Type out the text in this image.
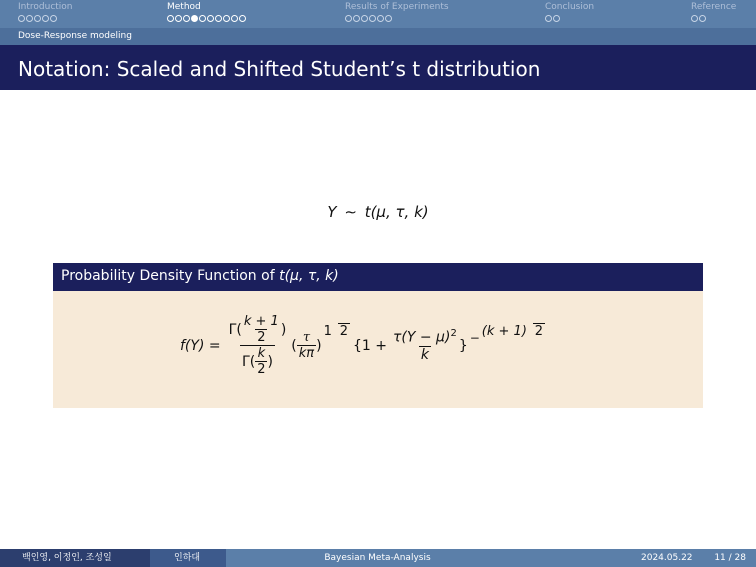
Introduction	Method	Results of Experiments	Conclusion	Reference
Dose-Response modeling
Notation: Scaled and Shifted Student’s t distribution
Y ∼ t(μ, τ, k)
Probability Density Function of t(μ, τ, k)
f(Y) =
$\Gamma( \frac{k + 1}{2}$ )
$\Gamma( \frac{k}{2}$ )
( $\frac{\tau}{k\pi}$ )
1 2
{$1 + \frac{\tau(Y - \mu)^2}{k}$ } − (k + 1) 2
백인영, 이정인, 조성일	인하대	Bayesian Meta-Analysis	2024.05.22 11 / 28
